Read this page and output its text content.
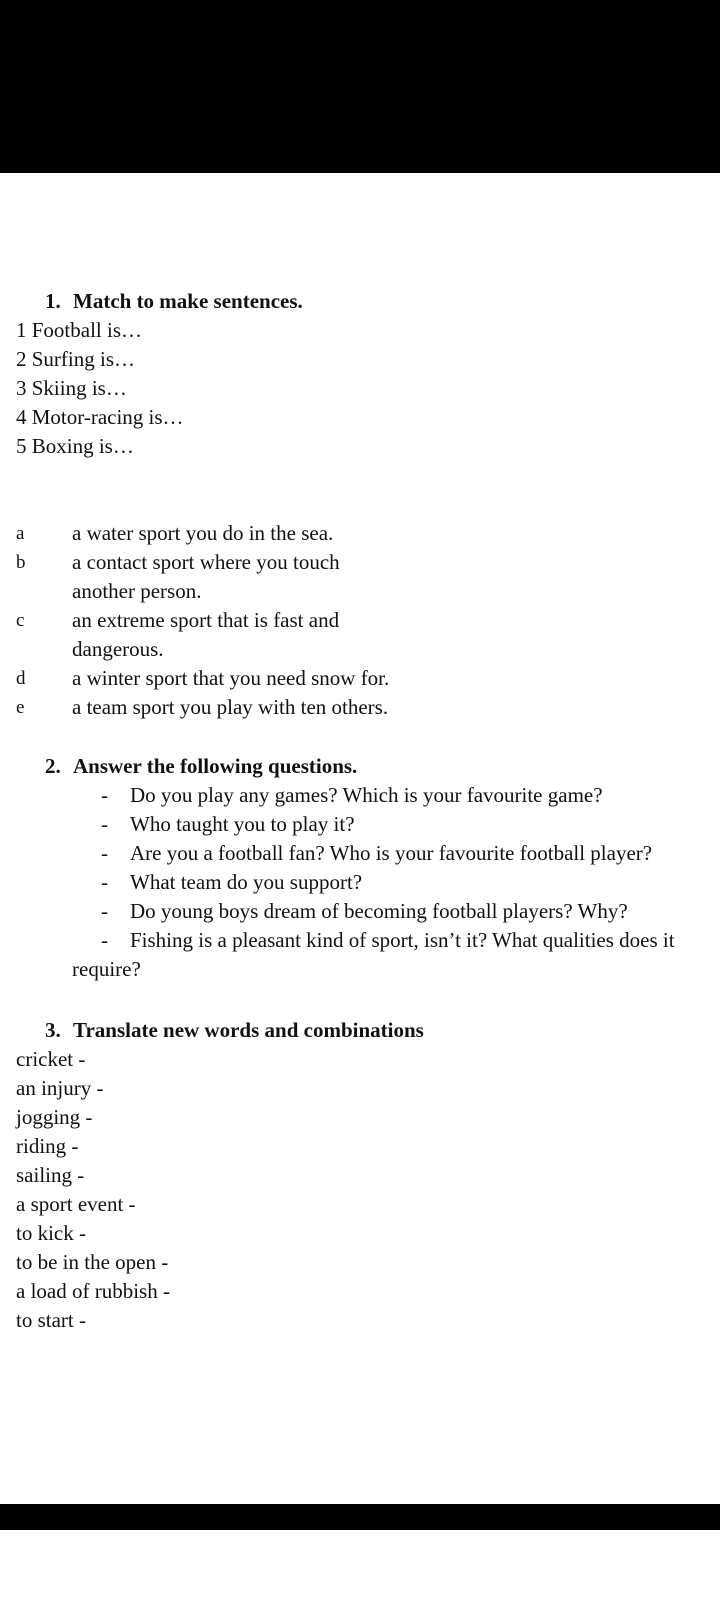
1. Match to make sentences.
1 Football is…
2 Surfing is…
3 Skiing is…
4 Motor-racing is…
5 Boxing is…
a a water sport you do in the sea.
b a contact sport where you touch
another person.
c an extreme sport that is fast and
dangerous.
d a winter sport that you need snow for.
e a team sport you play with ten others.
2. Answer the following questions.
- Do you play any games? Which is your favourite game?
- Who taught you to play it?
- Are you a football fan? Who is your favourite football player?
- What team do you support?
- Do young boys dream of becoming football players? Why?
- Fishing is a pleasant kind of sport, isn’t it? What qualities does it
require?
3. Translate new words and combinations
cricket -
an injury -
jogging -
riding -
sailing -
a sport event -
to kick -
to be in the open -
a load of rubbish -
to start -
